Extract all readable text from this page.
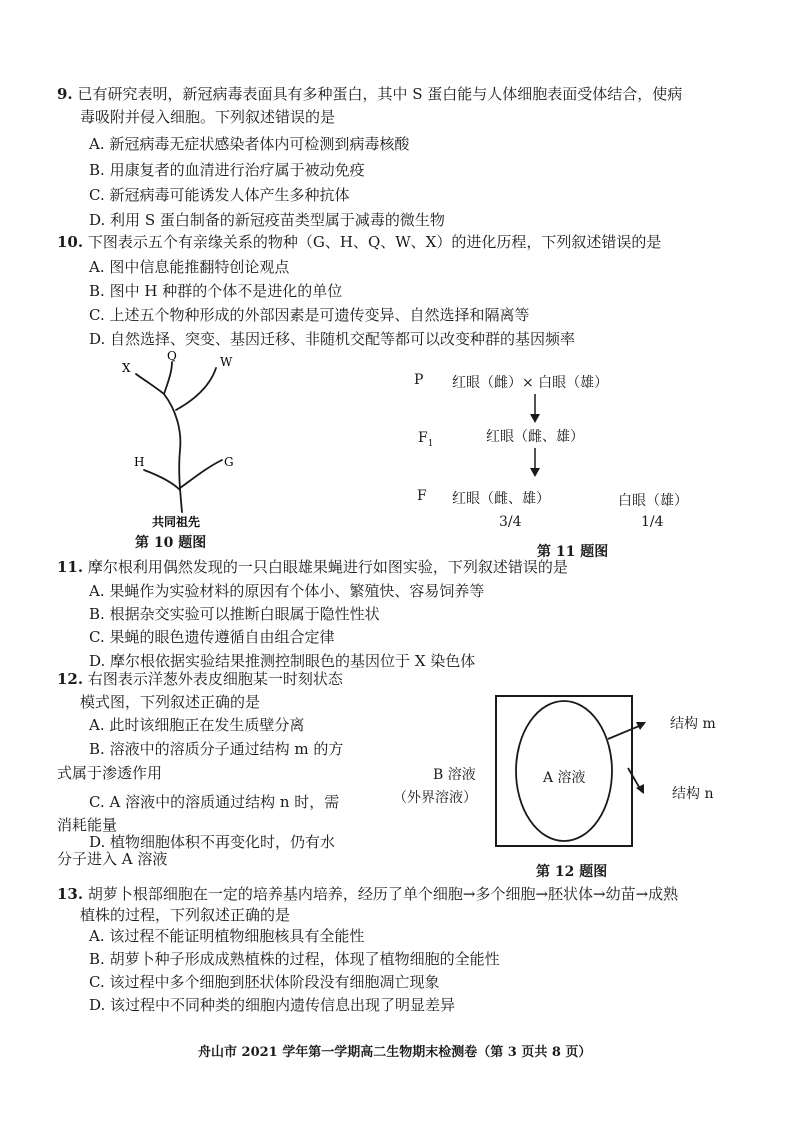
9. 已有研究表明，新冠病毒表面具有多种蛋白，其中 S 蛋白能与人体细胞表面受体结合，使病
毒吸附并侵入细胞。下列叙述错误的是
A. 新冠病毒无症状感染者体内可检测到病毒核酸
B. 用康复者的血清进行治疗属于被动免疫
C. 新冠病毒可能诱发人体产生多种抗体
D. 利用 S 蛋白制备的新冠疫苗类型属于减毒的微生物
10. 下图表示五个有亲缘关系的物种（G、H、Q、W、X）的进化历程，下列叙述错误的是
A. 图中信息能推翻特创论观点
B. 图中 H 种群的个体不是进化的单位
C. 上述五个物种形成的外部因素是可遗传变异、自然选择和隔离等
D. 自然选择、突变、基因迁移、非随机交配等都可以改变种群的基因频率
X
Q	W
H	G
共同祖先
第 10 题图
P 红眼（雌）× 白眼（雄）
$F_1$	红眼（雌、雄）
F 红眼（雌、雄）	白眼（雄）
3/4	1/4
第 11 题图
11. 摩尔根利用偶然发现的一只白眼雄果蝇进行如图实验，下列叙述错误的是
A. 果蝇作为实验材料的原因有个体小、繁殖快、容易饲养等
B. 根据杂交实验可以推断白眼属于隐性性状
C. 果蝇的眼色遗传遵循自由组合定律
D. 摩尔根依据实验结果推测控制眼色的基因位于 X 染色体
12. 右图表示洋葱外表皮细胞某一时刻状态
模式图，下列叙述正确的是
A. 此时该细胞正在发生质壁分离
B. 溶液中的溶质分子通过结构 m 的方
式属于渗透作用
C. A 溶液中的溶质通过结构 n 时，需
消耗能量
D. 植物细胞体积不再变化时，仍有水
分子进入 A 溶液
A 溶液
B 溶液
（外界溶液）
结构 m
结构 n
第 12 题图
13. 胡萝卜根部细胞在一定的培养基内培养，经历了单个细胞→多个细胞→胚状体→幼苗→成熟
植株的过程，下列叙述正确的是
A. 该过程不能证明植物细胞核具有全能性
B. 胡萝卜种子形成成熟植株的过程，体现了植物细胞的全能性
C. 该过程中多个细胞到胚状体阶段没有细胞凋亡现象
D. 该过程中不同种类的细胞内遗传信息出现了明显差异
舟山市 2021 学年第一学期高二生物期末检测卷（第 3 页共 8 页）
